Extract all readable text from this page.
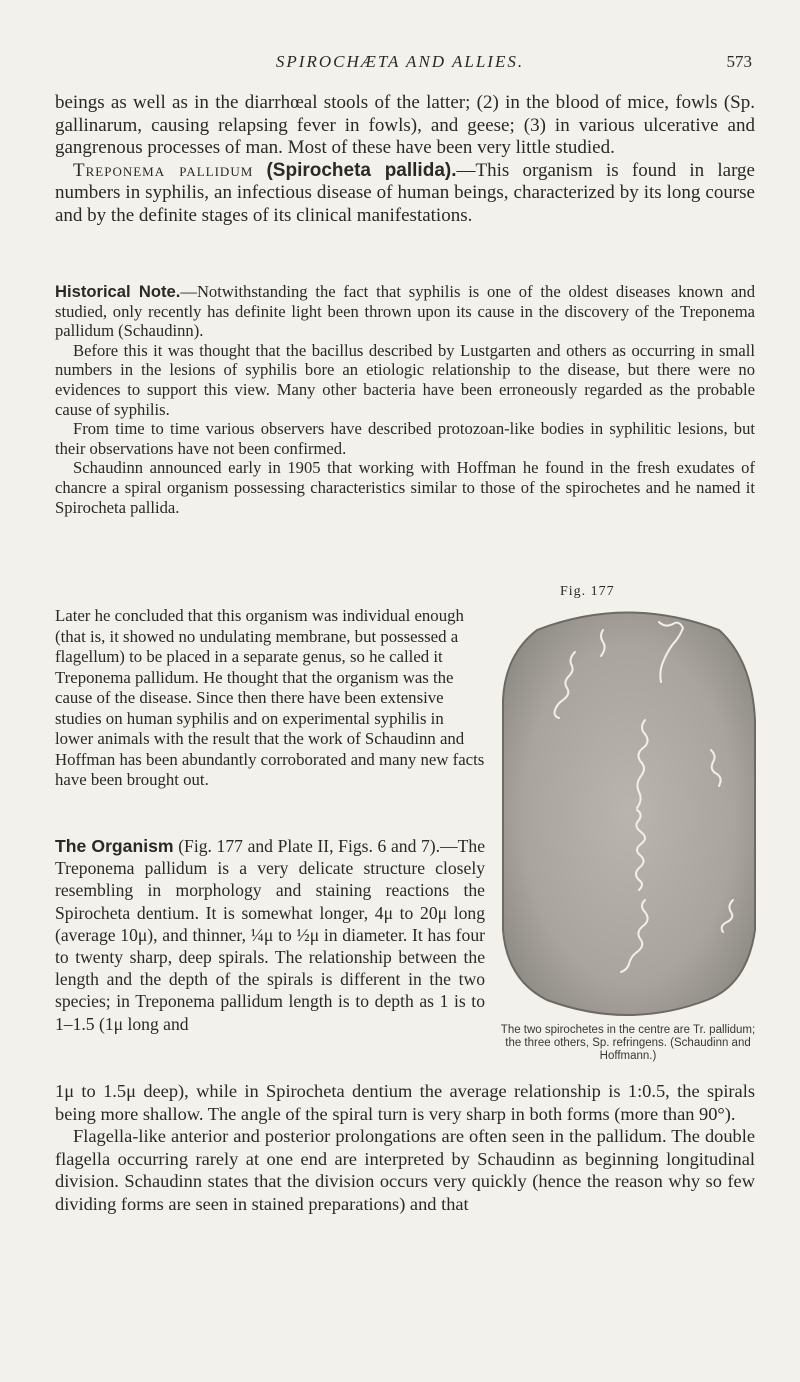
SPIROCHÆTA AND ALLIES.	573

beings as well as in the diarrhœal stools of the latter; (2) in the blood of mice, fowls (Sp. gallinarum, causing relapsing fever in fowls), and geese; (3) in various ulcerative and gangrenous processes of man. Most of these have been very little studied.

Treponema pallidum (Spirocheta pallida).—This organism is found in large numbers in syphilis, an infectious disease of human beings, characterized by its long course and by the definite stages of its clinical manifestations.

Historical Note.—Notwithstanding the fact that syphilis is one of the oldest diseases known and studied, only recently has definite light been thrown upon its cause in the discovery of the Treponema pallidum (Schaudinn).

Before this it was thought that the bacillus described by Lustgarten and others as occurring in small numbers in the lesions of syphilis bore an etiologic relationship to the disease, but there were no evidences to support this view. Many other bacteria have been erroneously regarded as the probable cause of syphilis.

From time to time various observers have described protozoan-like bodies in syphilitic lesions, but their observations have not been confirmed.

Schaudinn announced early in 1905 that working with Hoffman he found in the fresh exudates of chancre a spiral organism possessing characteristics similar to those of the spirochetes and he named it Spirocheta pallida.

Later he concluded that this organism was individual enough (that is, it showed no undulating membrane, but possessed a flagellum) to be placed in a separate genus, so he called it Treponema pallidum. He thought that the organism was the cause of the disease. Since then there have been extensive studies on human syphilis and on experimental syphilis in lower animals with the result that the work of Schaudinn and Hoffman has been abundantly corroborated and many new facts have been brought out.

The Organism (Fig. 177 and Plate II, Figs. 6 and 7).—The Treponema pallidum is a very delicate structure closely resembling in morphology and staining reactions the Spirocheta dentium. It is somewhat longer, 4μ to 20μ long (average 10μ), and thinner, ¼μ to ½μ in diameter. It has four to twenty sharp, deep spirals. The relationship between the length and the depth of the spirals is different in the two species; in Treponema pallidum length is to depth as 1 is to 1–1.5 (1μ long and

Fig. 177
The two spirochetes in the centre are Tr. pallidum; the three others, Sp. refringens. (Schaudinn and Hoffmann.)

1μ to 1.5μ deep), while in Spirocheta dentium the average relationship is 1:0.5, the spirals being more shallow. The angle of the spiral turn is very sharp in both forms (more than 90°).

Flagella-like anterior and posterior prolongations are often seen in the pallidum. The double flagella occurring rarely at one end are interpreted by Schaudinn as beginning longitudinal division. Schaudinn states that the division occurs very quickly (hence the reason why so few dividing forms are seen in stained preparations) and that
